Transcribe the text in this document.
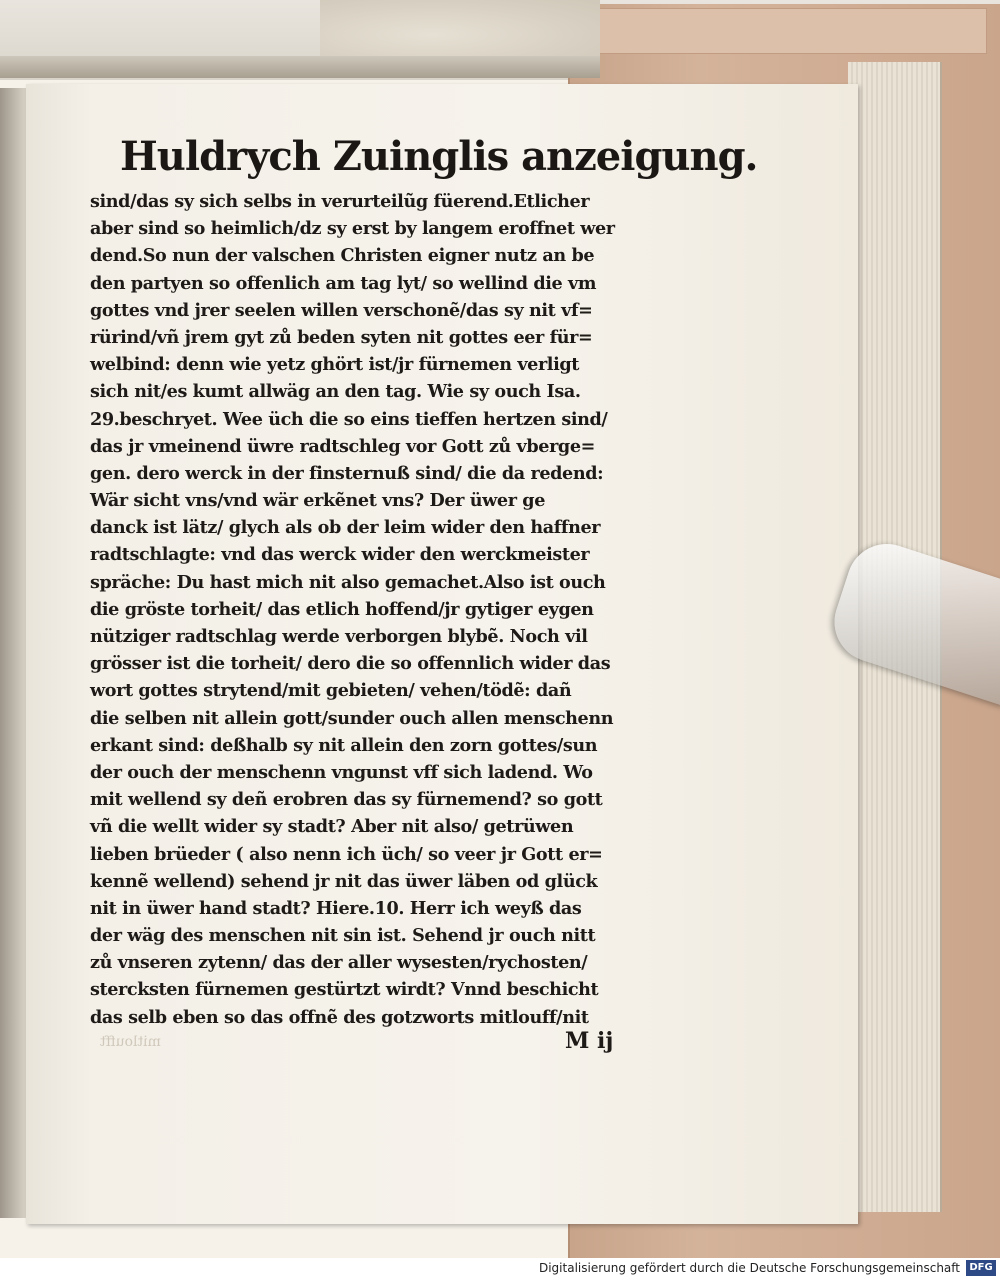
Huldrych Zuinglis anzeigung.
sind/das sy sich selbs in verurteilũg füerend.Etlicher
aber sind so heimlich/dz sy erst by langem eroffnet wer
dend.So nun der valschen Christen eigner nutz an be
den partyen so offenlich am tag lyt/ so wellind die vm
gottes vnd jrer seelen willen verschonẽ/das sy nit vf=
rürind/vñ jrem gyt zů beden syten nit gottes eer für=
welbind: denn wie yetz ghört ist/jr fürnemen verligt
sich nit/es kumt allwäg an den tag. Wie sy ouch Isa.
29.beschryet. Wee üch die so eins tieffen hertzen sind/
das jr vmeinend üwre radtschleg vor Gott zů vberge=
gen. dero werck in der finsternuß sind/ die da redend:
Wär sicht vns/vnd wär erkẽnet vns? Der üwer ge
danck ist lätz/ glych als ob der leim wider den haffner
radtschlagte: vnd das werck wider den werckmeister
spräche: Du hast mich nit also gemachet.Also ist ouch
die gröste torheit/ das etlich hoffend/jr gytiger eygen
nütziger radtschlag werde verborgen blybẽ. Noch vil
grösser ist die torheit/ dero die so offennlich wider das
wort gottes strytend/mit gebieten/ vehen/tödẽ: dañ
die selben nit allein gott/sunder ouch allen menschenn
erkant sind: deßhalb sy nit allein den zorn gottes/sun
der ouch der menschenn vngunst vff sich ladend. Wo
mit wellend sy deñ erobren das sy fürnemend? so gott
vñ die wellt wider sy stadt? Aber nit also/ getrüwen
lieben brüeder ( also nenn ich üch/ so veer jr Gott er=
kennẽ wellend) sehend jr nit das üwer läben od glück
nit in üwer hand stadt? Hiere.10. Herr ich weyß das
der wäg des menschen nit sin ist. Sehend jr ouch nitt
zů vnseren zytenn/ das der aller wysesten/rychosten/
stercksten fürnemen gestürtzt wirdt? Vnnd beschicht
das selb eben so das offnẽ des gotzworts mitlouff/nit
M ij
mitloufft
Digitalisierung gefördert durch die Deutsche Forschungsgemeinschaft DFG
